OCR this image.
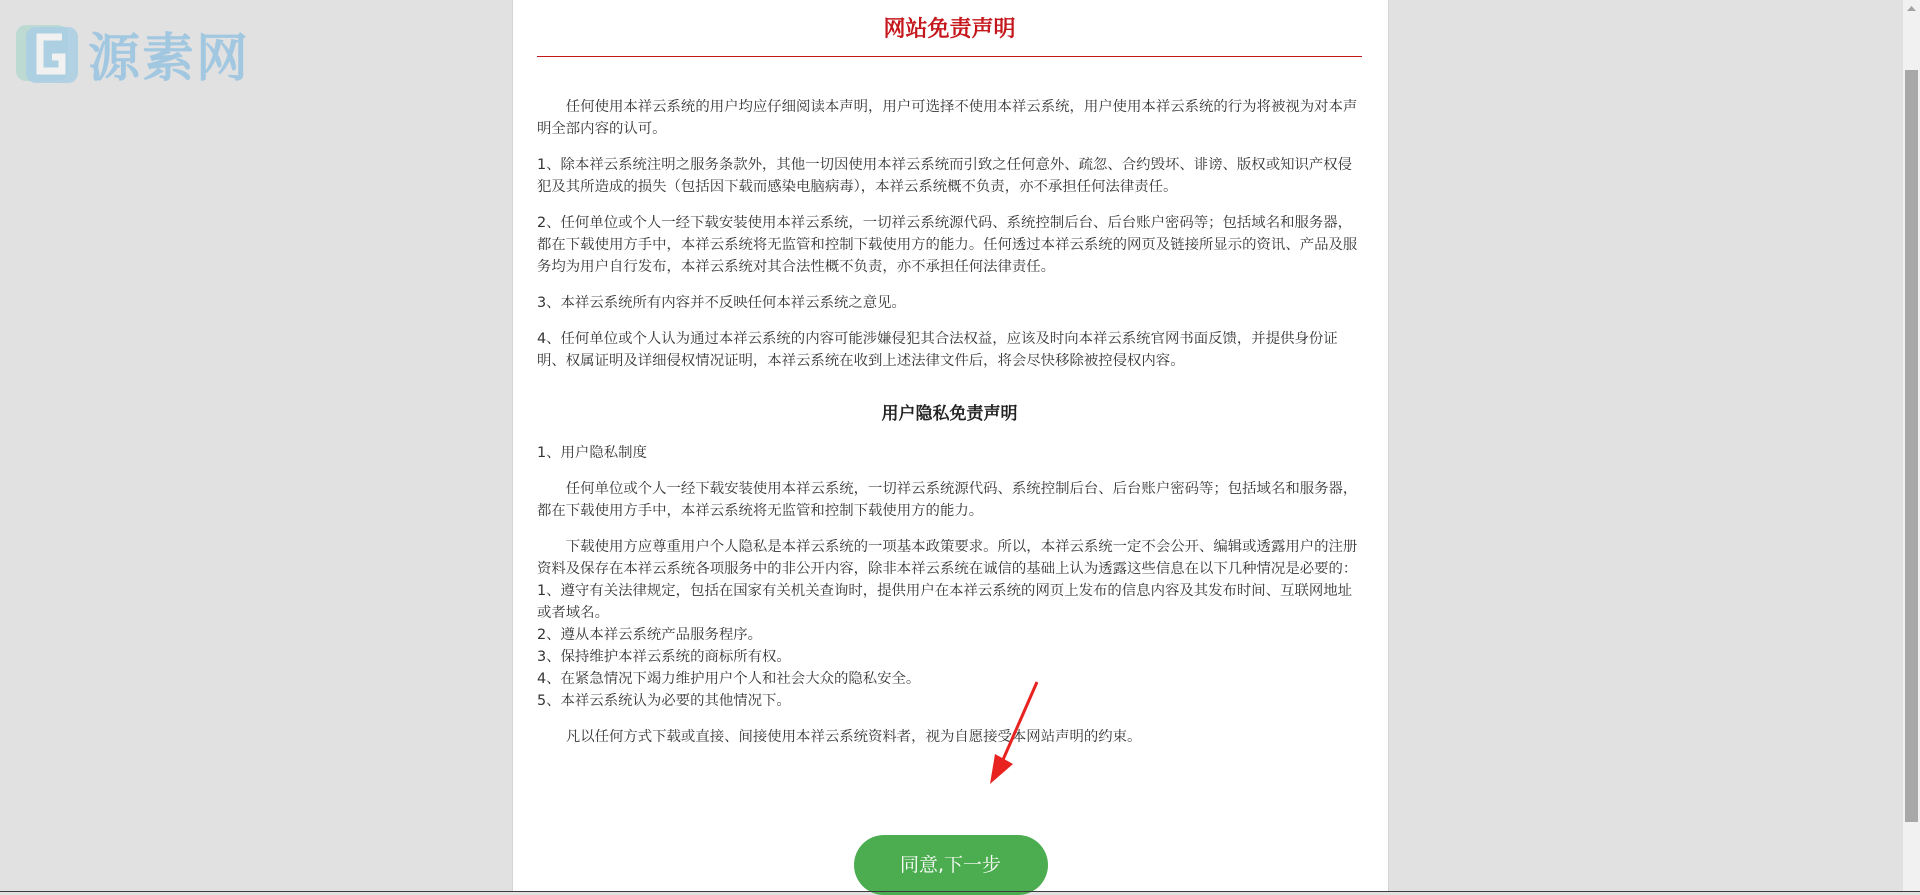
源素网	网站免责声明

任何使用本祥云系统的用户均应仔细阅读本声明，用户可选择不使用本祥云系统，用户使用本祥云系统的行为将被视为对本声明全部内容的认可。

1、除本祥云系统注明之服务条款外，其他一切因使用本祥云系统而引致之任何意外、疏忽、合约毁坏、诽谤、版权或知识产权侵犯及其所造成的损失（包括因下载而感染电脑病毒），本祥云系统概不负责，亦不承担任何法律责任。

2、任何单位或个人一经下载安装使用本祥云系统，一切祥云系统源代码、系统控制后台、后台账户密码等；包括域名和服务器，都在下载使用方手中，本祥云系统将无监管和控制下载使用方的能力。任何透过本祥云系统的网页及链接所显示的资讯、产品及服务均为用户自行发布，本祥云系统对其合法性概不负责，亦不承担任何法律责任。

3、本祥云系统所有内容并不反映任何本祥云系统之意见。

4、任何单位或个人认为通过本祥云系统的内容可能涉嫌侵犯其合法权益，应该及时向本祥云系统官网书面反馈，并提供身份证明、权属证明及详细侵权情况证明，本祥云系统在收到上述法律文件后，将会尽快移除被控侵权内容。

用户隐私免责声明

1、用户隐私制度

任何单位或个人一经下载安装使用本祥云系统，一切祥云系统源代码、系统控制后台、后台账户密码等；包括域名和服务器，都在下载使用方手中，本祥云系统将无监管和控制下载使用方的能力。

下载使用方应尊重用户个人隐私是本祥云系统的一项基本政策要求。所以，本祥云系统一定不会公开、编辑或透露用户的注册资料及保存在本祥云系统各项服务中的非公开内容，除非本祥云系统在诚信的基础上认为透露这些信息在以下几种情况是必要的：
1、遵守有关法律规定，包括在国家有关机关查询时，提供用户在本祥云系统的网页上发布的信息内容及其发布时间、互联网地址或者域名。
2、遵从本祥云系统产品服务程序。
3、保持维护本祥云系统的商标所有权。
4、在紧急情况下竭力维护用户个人和社会大众的隐私安全。
5、本祥云系统认为必要的其他情况下。

凡以任何方式下载或直接、间接使用本祥云系统资料者，视为自愿接受本网站声明的约束。

同意,下一步
